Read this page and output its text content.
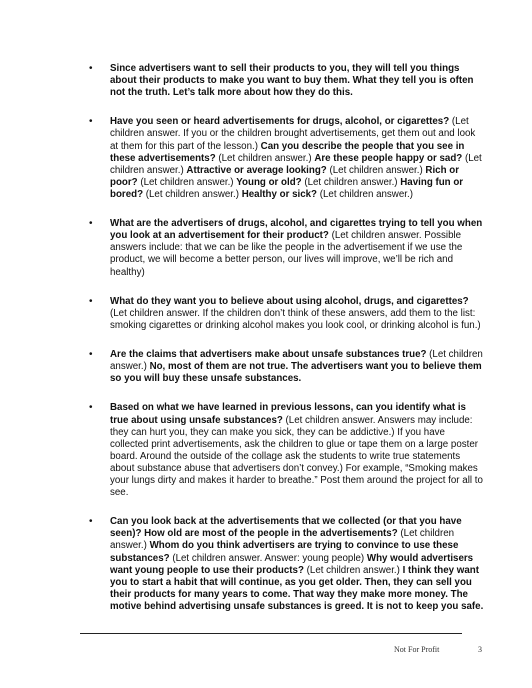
• Since advertisers want to sell their products to you, they will tell you things about their products to make you want to buy them. What they tell you is often not the truth. Let’s talk more about how they do this.
• Have you seen or heard advertisements for drugs, alcohol, or cigarettes? (Let children answer. If you or the children brought advertisements, get them out and look at them for this part of the lesson.) Can you describe the people that you see in these advertisements? (Let children answer.) Are these people happy or sad? (Let children answer.) Attractive or average looking? (Let children answer.) Rich or poor? (Let children answer.) Young or old? (Let children answer.) Having fun or bored? (Let children answer.) Healthy or sick? (Let children answer.)
• What are the advertisers of drugs, alcohol, and cigarettes trying to tell you when you look at an advertisement for their product? (Let children answer. Possible answers include: that we can be like the people in the advertisement if we use the product, we will become a better person, our lives will improve, we’ll be rich and healthy)
• What do they want you to believe about using alcohol, drugs, and cigarettes? (Let children answer. If the children don’t think of these answers, add them to the list: smoking cigarettes or drinking alcohol makes you look cool, or drinking alcohol is fun.)
• Are the claims that advertisers make about unsafe substances true? (Let children answer.) No, most of them are not true. The advertisers want you to believe them so you will buy these unsafe substances.
• Based on what we have learned in previous lessons, can you identify what is true about using unsafe substances? (Let children answer. Answers may include: they can hurt you, they can make you sick, they can be addictive.) If you have collected print advertisements, ask the children to glue or tape them on a large poster board. Around the outside of the collage ask the students to write true statements about substance abuse that advertisers don’t convey.) For example, “Smoking makes your lungs dirty and makes it harder to breathe.” Post them around the project for all to see.
• Can you look back at the advertisements that we collected (or that you have seen)? How old are most of the people in the advertisements? (Let children answer.) Whom do you think advertisers are trying to convince to use these substances? (Let children answer. Answer: young people) Why would advertisers want young people to use their products? (Let children answer.) I think they want you to start a habit that will continue, as you get older. Then, they can sell you their products for many years to come. That way they make more money. The motive behind advertising unsafe substances is greed. It is not to keep you safe.
Not For Profit	3
